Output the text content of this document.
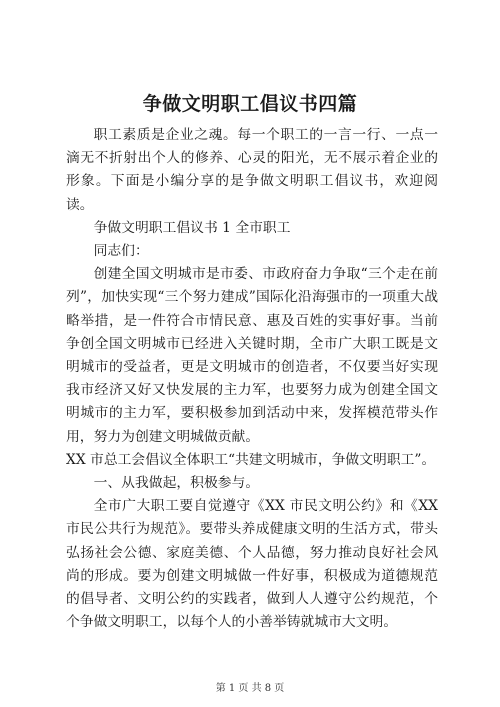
争做文明职工倡议书四篇

职工素质是企业之魂。每一个职工的一言一行、一点一滴无不折射出个人的修养、心灵的阳光，无不展示着企业的形象。下面是小编分享的是争做文明职工倡议书，欢迎阅读。

争做文明职工倡议书 1 全市职工

同志们：

创建全国文明城市是市委、市政府奋力争取“三个走在前列”，加快实现“三个努力建成”国际化沿海强市的一项重大战略举措，是一件符合市情民意、惠及百姓的实事好事。当前争创全国文明城市已经进入关键时期，全市广大职工既是文明城市的受益者，更是文明城市的创造者，不仅要当好实现我市经济又好又快发展的主力军，也要努力成为创建全国文明城市的主力军，要积极参加到活动中来，发挥模范带头作用，努力为创建文明城做贡献。

XX 市总工会倡议全体职工“共建文明城市，争做文明职工”。

一、从我做起，积极参与。

全市广大职工要自觉遵守《XX 市民文明公约》和《XX 市民公共行为规范》。要带头养成健康文明的生活方式，带头弘扬社会公德、家庭美德、个人品德，努力推动良好社会风尚的形成。要为创建文明城做一件好事，积极成为道德规范的倡导者、文明公约的实践者，做到人人遵守公约规范，个个争做文明职工，以每个人的小善举铸就城市大文明。

第 1 页 共 8 页
